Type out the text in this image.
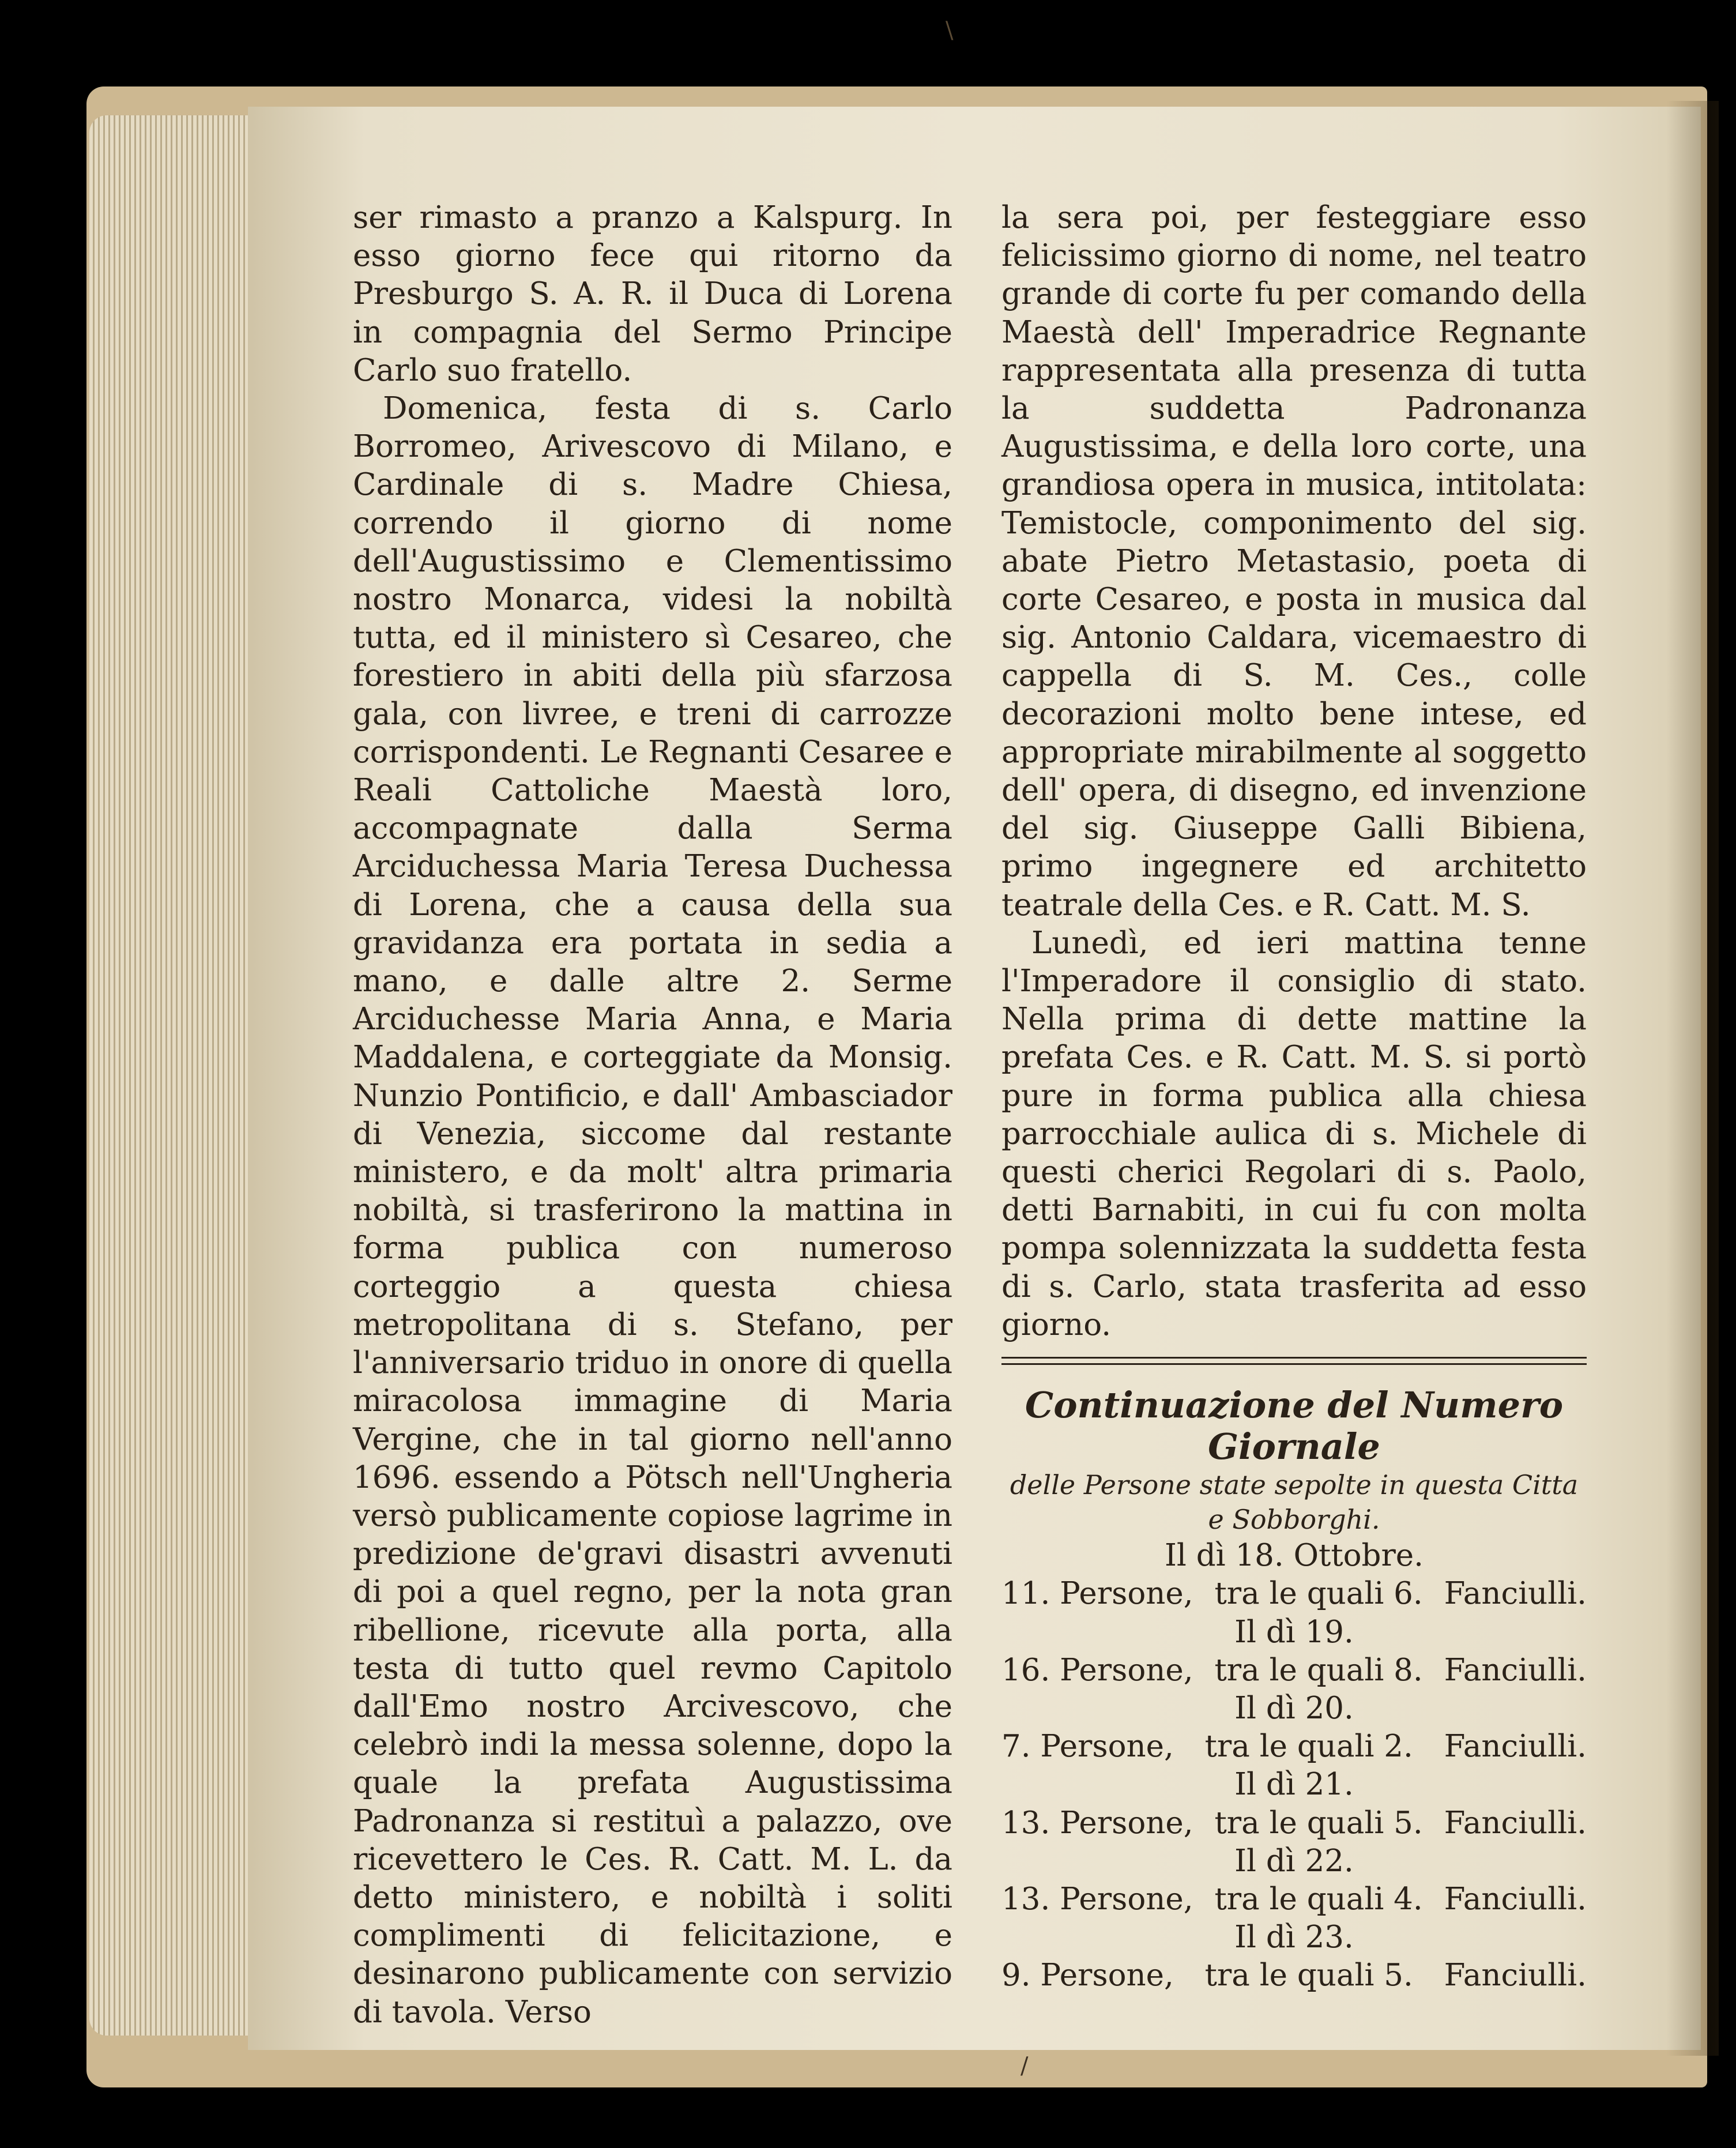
\

ser rimasto a pranzo a Kalspurg. In esso giorno fece qui ritorno da Presburgo S. A. R. il Duca di Lorena in compagnia del Sermo Principe Carlo suo fratello.

Domenica, festa di s. Carlo Borromeo, Arivescovo di Milano, e Cardinale di s. Madre Chiesa, correndo il giorno di nome dell'Augustissimo e Clementissimo nostro Monarca, videsi la nobiltà tutta, ed il ministero sì Cesareo, che forestiero in abiti della più sfarzosa gala, con livree, e treni di carrozze corrispondenti. Le Regnanti Cesaree e Reali Cattoliche Maestà loro, accompagnate dalla Serma Arciduchessa Maria Teresa Duchessa di Lorena, che a causa della sua gravidanza era portata in sedia a mano, e dalle altre 2. Serme Arciduchesse Maria Anna, e Maria Maddalena, e corteggiate da Monsig. Nunzio Pontificio, e dall' Ambasciador di Venezia, siccome dal restante ministero, e da molt' altra primaria nobiltà, si trasferirono la mattina in forma publica con numeroso corteggio a questa chiesa metropolitana di s. Stefano, per l'anniversario triduo in onore di quella miracolosa immagine di Maria Vergine, che in tal giorno nell'anno 1696. essendo a Pötsch nell'Ungheria versò publicamente copiose lagrime in predizione de'gravi disastri avvenuti di poi a quel regno, per la nota gran ribellione, ricevute alla porta, alla testa di tutto quel revmo Capitolo dall'Emo nostro Arcivescovo, che celebrò indi la messa solenne, dopo la quale la prefata Augustissima Padronanza si restituì a palazzo, ove ricevettero le Ces. R. Catt. M. L. da detto ministero, e nobiltà i soliti complimenti di felicitazione, e desinarono publicamente con servizio di tavola. Verso

la sera poi, per festeggiare esso felicissimo giorno di nome, nel teatro grande di corte fu per comando della Maestà dell' Imperadrice Regnante rappresentata alla presenza di tutta la suddetta Padronanza Augustissima, e della loro corte, una grandiosa opera in musica, intitolata: Temistocle, componimento del sig. abate Pietro Metastasio, poeta di corte Cesareo, e posta in musica dal sig. Antonio Caldara, vicemaestro di cappella di S. M. Ces., colle decorazioni molto bene intese, ed appropriate mirabilmente al soggetto dell' opera, di disegno, ed invenzione del sig. Giuseppe Galli Bibiena, primo ingegnere ed architetto teatrale della Ces. e R. Catt. M. S.

Lunedì, ed ieri mattina tenne l'Imperadore il consiglio di stato. Nella prima di dette mattine la prefata Ces. e R. Catt. M. S. si portò pure in forma publica alla chiesa parrocchiale aulica di s. Michele di questi cherici Regolari di s. Paolo, detti Barnabiti, in cui fu con molta pompa solennizzata la suddetta festa di s. Carlo, stata trasferita ad esso giorno.

Continuazione del Numero Giornale

delle Persone state sepolte in questa Citta

e Sobborghi.

Il dì 18. Ottobre.

11. Persone, tra le quali 6. Fanciulli.

Il dì 19.

16. Persone, tra le quali 8. Fanciulli.

Il dì 20.

7. Persone, tra le quali 2. Fanciulli.

Il dì 21.

13. Persone, tra le quali 5. Fanciulli.

Il dì 22.

13. Persone, tra le quali 4. Fanciulli.

Il dì 23.

9. Persone, tra le quali 5. Fanciulli.

/
